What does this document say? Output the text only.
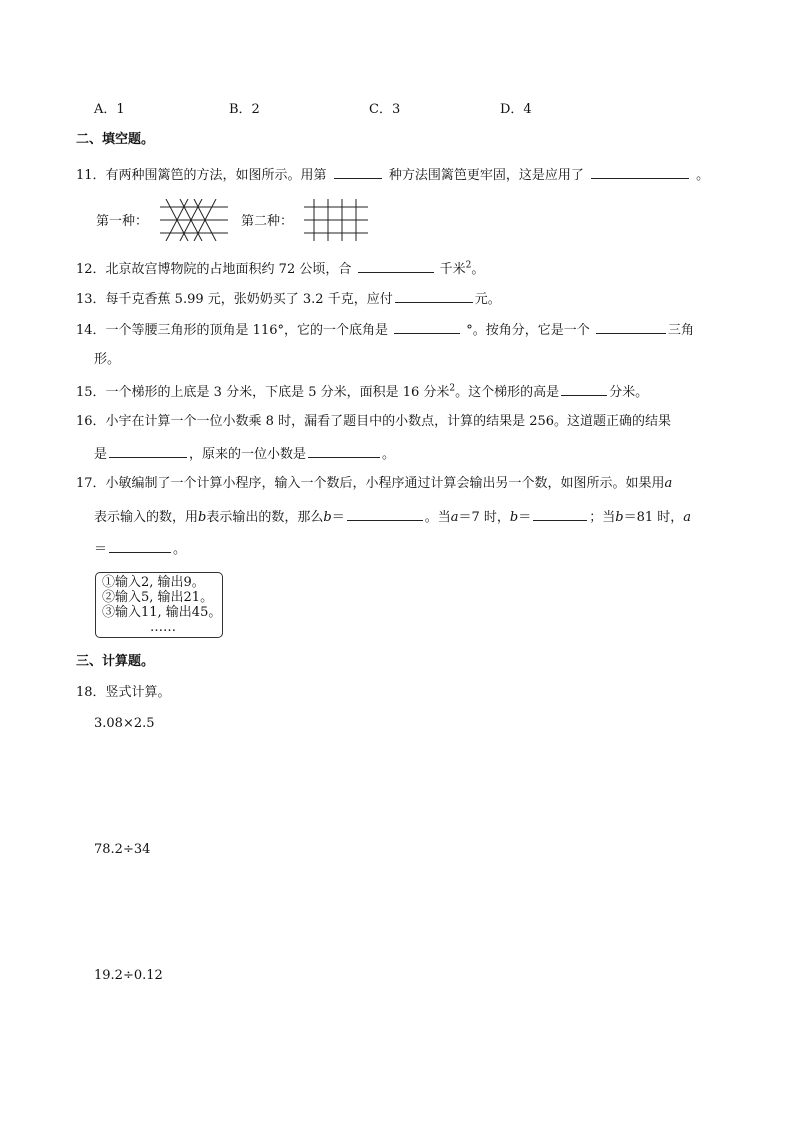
A．1	B．2	C．3	D．4
二、填空题。
11．有两种围篱笆的方法，如图所示。用第	种方法围篱笆更牢固，这是应用了	。
第一种：	第二种：
12．北京故宫博物院的占地面积约 72 公顷，合	千米$^2$。
13．每千克香蕉 5.99 元，张奶奶买了 3.2 千克，应付	元。
14．一个等腰三角形的顶角是 116°，它的一个底角是	°。按角分，它是一个	三角
形。
15．一个梯形的上底是 3 分米，下底是 5 分米，面积是 16 分米$^2$。这个梯形的高是	分米。
16．小宇在计算一个一位小数乘 8 时，漏看了题目中的小数点，计算的结果是 256。这道题正确的结果
是	，原来的一位小数是	。
17．小敏编制了一个计算小程序，输入一个数后，小程序通过计算会输出另一个数，如图所示。如果用a
表示输入的数，用b表示输出的数，那么b＝	。当a＝7 时，b＝	；当b＝81 时，a
＝	。
①输入2, 输出9。
②输入5, 输出21。
③输入11, 输出45。
……
三、计算题。
18．竖式计算。
3.08×2.5
78.2÷34
19.2÷0.12
